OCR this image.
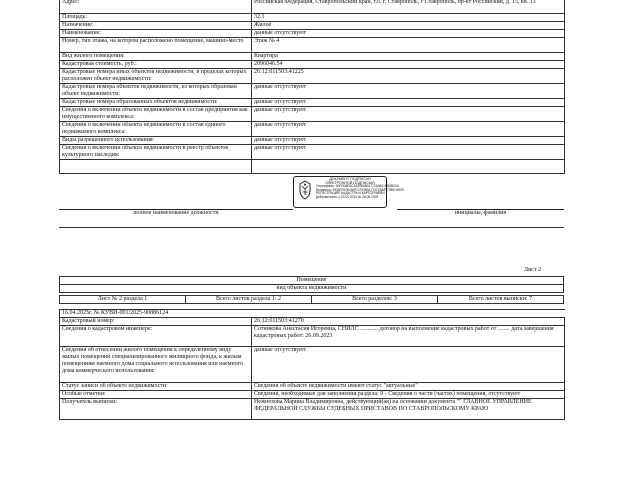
Адрес:	Российская Федерация, Ставропольский край, г.о. г. Ставрополь, г Ставрополь, пр-кт Российский, д. 15, кв. 13
Площадь:	32.1
Назначение:	Жилое
Наименование:	данные отсутствуют
Номер, тип этажа, на котором расположено помещение, машино-место	Этаж № 4
Вид жилого помещения:	Квартира
Кадастровая стоимость, руб.:	2096046.54
Кадастровые номера иных объектов недвижимости, в пределах которых расположен объект недвижимости:	26:12:011503:41225
Кадастровые номера объектов недвижимости, из которых образован объект недвижимости:	данные отсутствуют
Кадастровые номера образованных объектов недвижимости:	данные отсутствуют
Сведения о включении объекта недвижимости в состав предприятия как имущественного комплекса:	данные отсутствуют
Сведения о включении объекта недвижимости в состав единого недвижимого комплекса:	данные отсутствуют
Виды разрешенного использования:	данные отсутствуют
Сведения о включении объекта недвижимости в реестр объектов культурного наследия:	данные отсутствуют

ДОКУМЕНТ ПОДПИСАН
ЭЛЕКТРОННОЙ ПОДПИСЬЮ
Сертификат: 00F0D8E5C1A25E6B91772A9401F5DB0C6
Владелец: ФЕДЕРАЛЬНАЯ СЛУЖБА ГОСУДАРСТВЕННОЙ
РЕГИСТРАЦИИ, КАДАСТРА И КАРТОГРАФИИ
Действителен: с 03.04.2024 по 28.06.2025
полное наименование должности	инициалы, фамилия
Лист 2
Помещение
вид объекта недвижимости
Лист № 2 раздела 1	Всего листов раздела 1: 2	Всего разделов: 3	Всего листов выписки: 7
16.04.2025г. № КУВИ-001/2025-90886124	
Кадастровый номер:	26:12:011503:41270
Сведения о кадастровом инженере:	Сотникова Анастасия Игоревна, СНИЛС ............ договор на выполнение кадастровых работ от ........ дата завершения кадастровых работ: 26.09.2023
Сведения об отнесении жилого помещения к определенному виду жилых помещений специализированного жилищного фонда, к жилым помещениям наемного дома социального использования или наемного дома коммерческого использования:	данные отсутствуют
Статус записи об объекте недвижимости:	Сведения об объекте недвижимости имеют статус "актуальные"
Особые отметки:	Сведения, необходимые для заполнения раздела: 9 - Сведения о части (частях) помещения, отсутствуют
Получатель выписки:	Нежнохова Марина Владимировна, действующий(ая) на основании документа "" ГЛАВНОЕ УПРАВЛЕНИЕ ФЕДЕРАЛЬНОЙ СЛУЖБЫ СУДЕБНЫХ ПРИСТАВОВ ПО СТАВРОПОЛЬСКОМУ КРАЮ
